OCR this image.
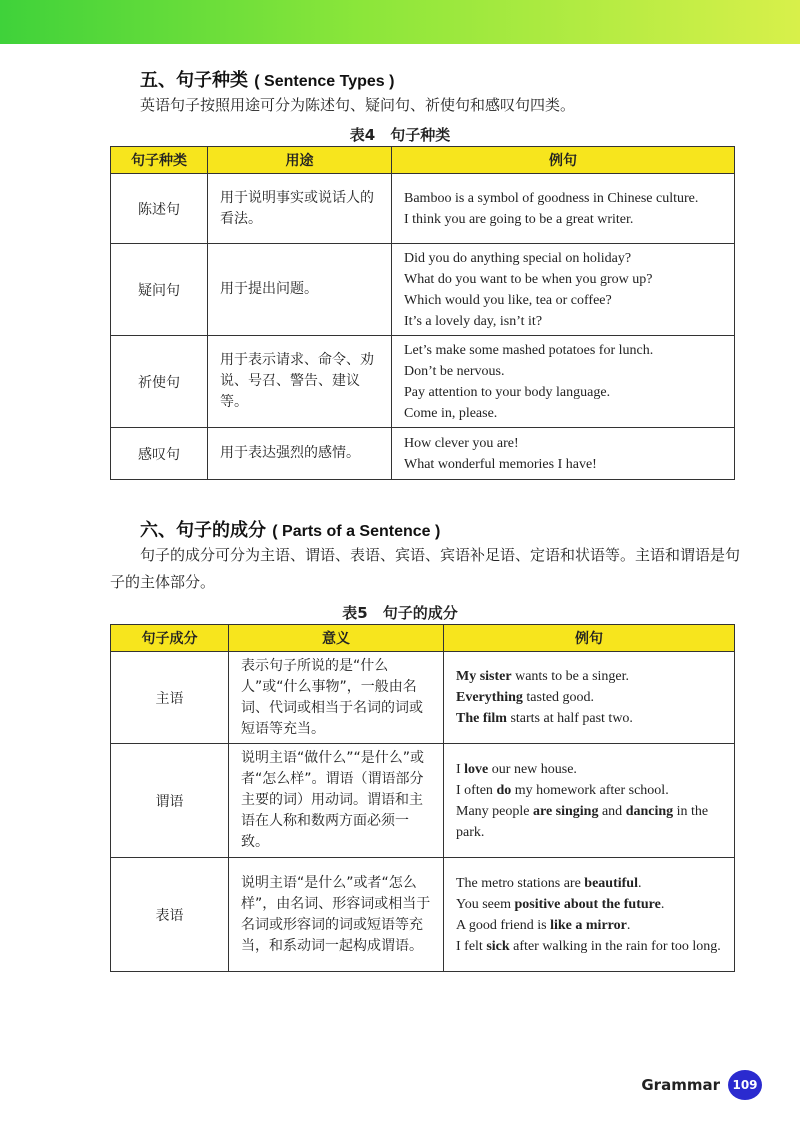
五、句子种类 ( Sentence Types )
英语句子按照用途可分为陈述句、疑问句、祈使句和感叹句四类。
表4　句子种类
句子种类	用途	例句
陈述句	用于说明事实或说话人的看法。	Bamboo is a symbol of goodness in Chinese culture.
I think you are going to be a great writer.

疑问句	用于提出问题。	Did you do anything special on holiday?
What do you want to be when you grow up?
Which would you like, tea or coffee?
It’s a lovely day, isn’t it?

祈使句	用于表示请求、命令、劝说、号召、警告、建议等。	Let’s make some mashed potatoes for lunch.
Don’t be nervous.
Pay attention to your body language.
Come in, please.

感叹句	用于表达强烈的感情。	How clever you are!
What wonderful memories I have!
六、句子的成分 ( Parts of a Sentence )
句子的成分可分为主语、谓语、表语、宾语、宾语补足语、定语和状语等。主语和谓语是句子的主体部分。
表5　句子的成分
句子成分	意义	例句
主语	表示句子所说的是“什么人”或“什么事物”，一般由名词、代词或相当于名词的词或短语等充当。	My sister wants to be a singer.
Everything tasted good.
The film starts at half past two.

谓语	说明主语“做什么”“是什么”或者“怎么样”。谓语（谓语部分主要的词）用动词。谓语和主语在人称和数两方面必须一致。	I love our new house.
I often do my homework after school.
Many people are singing and dancing in the park.

表语	说明主语“是什么”或者“怎么样”，由名词、形容词或相当于名词或形容词的词或短语等充当，和系动词一起构成谓语。	The metro stations are beautiful.
You seem positive about the future.
A good friend is like a mirror.
I felt sick after walking in the rain for too long.
Grammar	109
